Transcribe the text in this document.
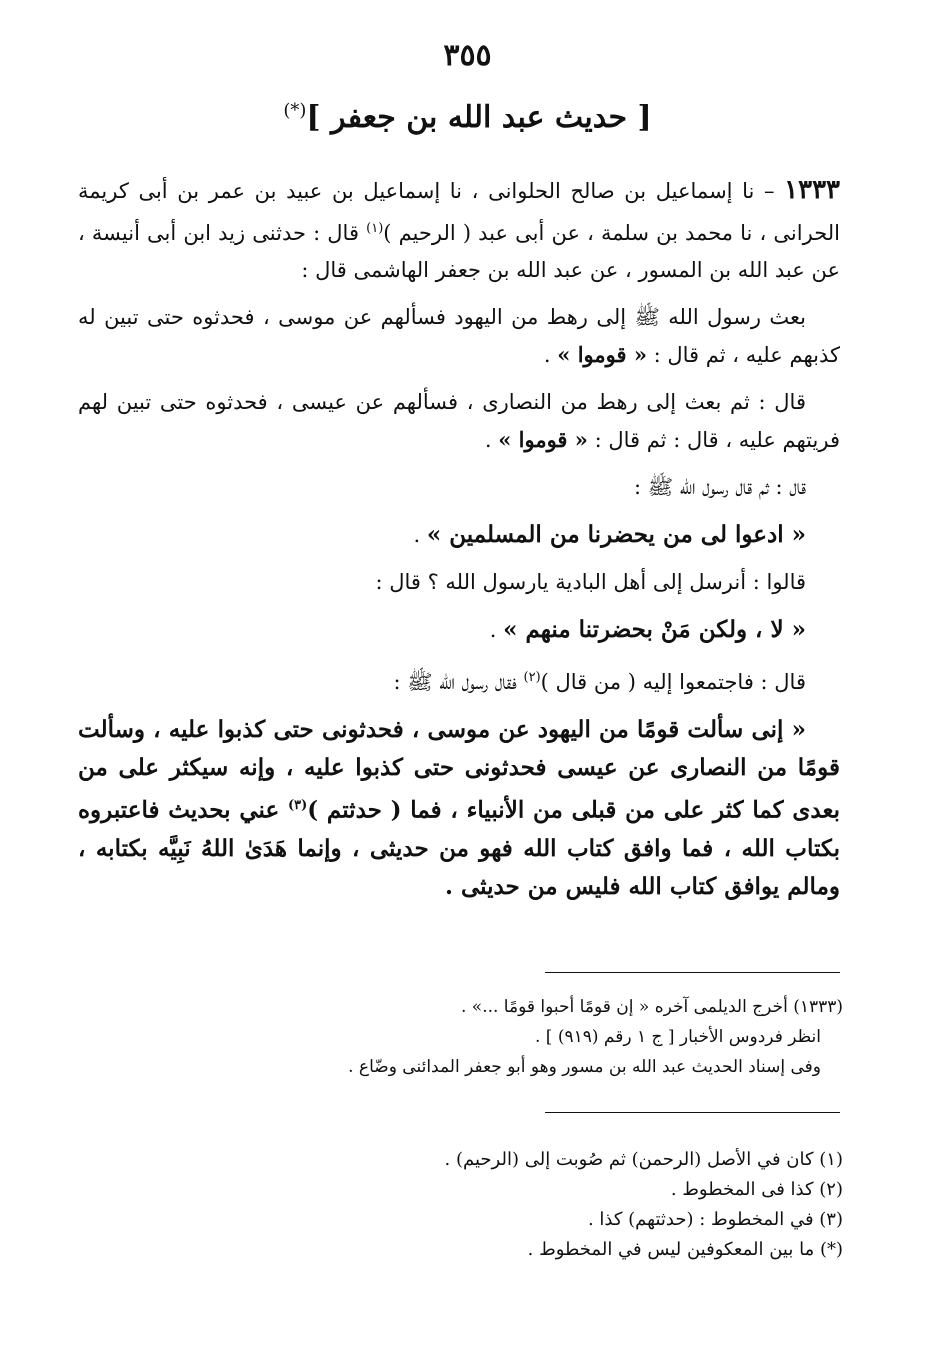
٣٥٥
[ حديث عبد الله بن جعفر ](*)

١٣٣٣ – نا إسماعيل بن صالح الحلوانى ، نا إسماعيل بن عبيد بن عمر بن أبى كريمة الحرانى ، نا محمد بن سلمة ، عن أبى عبد ( الرحيم )$^{(١)}$ قال : حدثنى زيد ابن أبى أنيسة ، عن عبد الله بن المسور ، عن عبد الله بن جعفر الهاشمى قال :

بعث رسول الله ﷺ إلى رهط من اليهود فسألهم عن موسى ، فحدثوه حتى تبين له كذبهم عليه ، ثم قال : « قوموا » .

قال : ثم بعث إلى رهط من النصارى ، فسألهم عن عيسى ، فحدثوه حتى تبين لهم فريتهم عليه ، قال : ثم قال : « قوموا » .

قال : ثم قال رسول الله ﷺ :

« ادعوا لى من يحضرنا من المسلمين » .

قالوا : أنرسل إلى أهل البادية يارسول الله ؟ قال :

« لا ، ولكن مَنْ بحضرتنا منهم » .

قال : فاجتمعوا إليه ( من قال )$^{(٢)}$ فقال رسول الله ﷺ :

« إنى سألت قومًا من اليهود عن موسى ، فحدثونى حتى كذبوا عليه ، وسألت قومًا من النصارى عن عيسى فحدثونى حتى كذبوا عليه ، وإنه سيكثر على من بعدى كما كثر على من قبلى من الأنبياء ، فما ( حدثتم )$^{(٣)}$ عني بحديث فاعتبروه بكتاب الله ، فما وافق كتاب الله فهو من حديثى ، وإنما هَدَىٰ اللهُ نَبِيَّه بكتابه ، ومالم يوافق كتاب الله فليس من حديثى .

(١٣٣٣) أخرج الديلمى آخره « إن قومًا أحبوا قومًا ...» .
انظر فردوس الأخبار [ ج ١ رقم (٩١٩) ] .
وفى إسناد الحديث عبد الله بن مسور وهو أبو جعفر المدائنى وضّاع .
(١) كان في الأصل (الرحمن) ثم صُوبت إلى (الرحيم) .
(٢) كذا فى المخطوط .
(٣) في المخطوط : (حدثتهم) كذا .
(*) ما بين المعكوفين ليس في المخطوط .
